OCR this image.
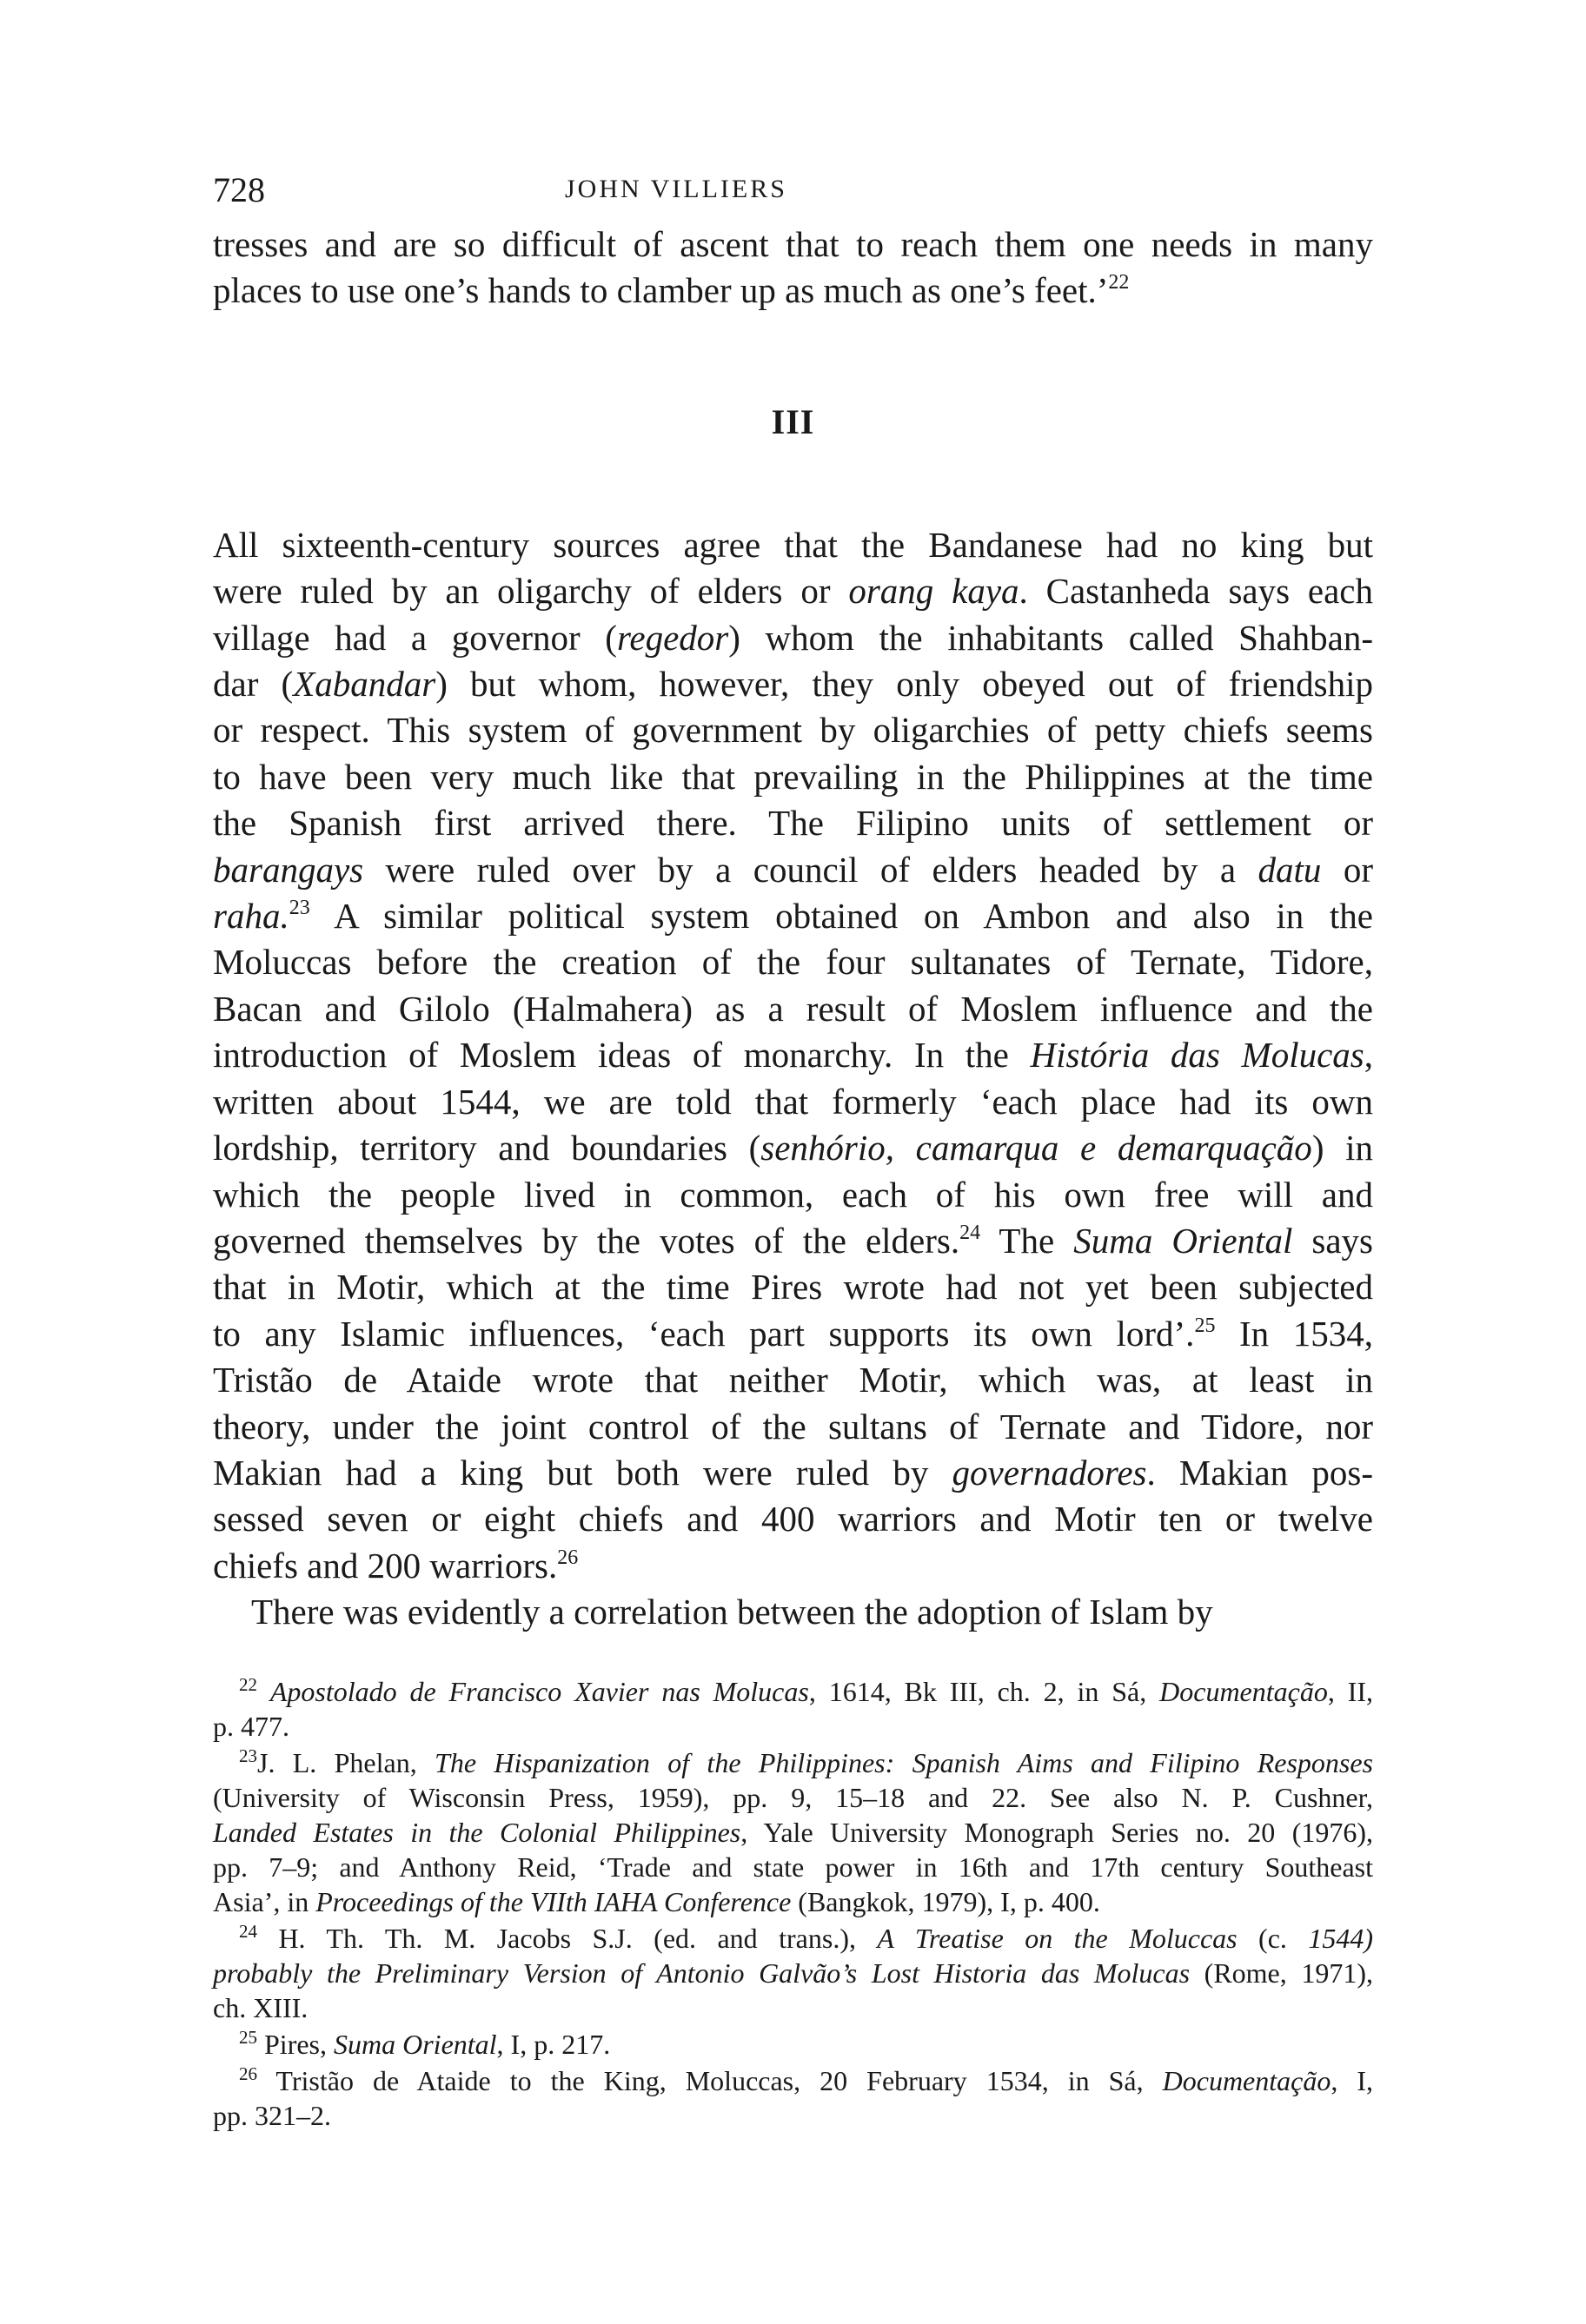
728	JOHN VILLIERS
tresses and are so difficult of ascent that to reach them one needs in many
places to use one’s hands to clamber up as much as one’s feet.’$^{22}$
III
All sixteenth-century sources agree that the Bandanese had no king but
were ruled by an oligarchy of elders or orang kaya. Castanheda says each
village had a governor (regedor) whom the inhabitants called Shahban-
dar (Xabandar) but whom, however, they only obeyed out of friendship
or respect. This system of government by oligarchies of petty chiefs seems
to have been very much like that prevailing in the Philippines at the time
the Spanish first arrived there. The Filipino units of settlement or
barangays were ruled over by a council of elders headed by a datu or
raha.$^{23}$ A similar political system obtained on Ambon and also in the
Moluccas before the creation of the four sultanates of Ternate, Tidore,
Bacan and Gilolo (Halmahera) as a result of Moslem influence and the
introduction of Moslem ideas of monarchy. In the História das Molucas,
written about 1544, we are told that formerly ‘each place had its own
lordship, territory and boundaries (senhório, camarqua e demarquação) in
which the people lived in common, each of his own free will and
governed themselves by the votes of the elders.$^{24}$ The Suma Oriental says
that in Motir, which at the time Pires wrote had not yet been subjected
to any Islamic influences, ‘each part supports its own lord’.$^{25}$ In 1534,
Tristão de Ataide wrote that neither Motir, which was, at least in
theory, under the joint control of the sultans of Ternate and Tidore, nor
Makian had a king but both were ruled by governadores. Makian pos-
sessed seven or eight chiefs and 400 warriors and Motir ten or twelve
chiefs and 200 warriors.$^{26}$
There was evidently a correlation between the adoption of Islam by
$^{22}$ Apostolado de Francisco Xavier nas Molucas, 1614, Bk III, ch. 2, in Sá, Documentação, II,
p. 477.
$^{23}$J. L. Phelan, The Hispanization of the Philippines: Spanish Aims and Filipino Responses
(University of Wisconsin Press, 1959), pp. 9, 15–18 and 22. See also N. P. Cushner,
Landed Estates in the Colonial Philippines, Yale University Monograph Series no. 20 (1976),
pp. 7–9; and Anthony Reid, ‘Trade and state power in 16th and 17th century Southeast
Asia’, in Proceedings of the VIIth IAHA Conference (Bangkok, 1979), I, p. 400.
$^{24}$ H. Th. Th. M. Jacobs S.J. (ed. and trans.), A Treatise on the Moluccas (c. 1544)
probably the Preliminary Version of Antonio Galvão’s Lost Historia das Molucas (Rome, 1971),
ch. XIII.
$^{25}$ Pires, Suma Oriental, I, p. 217.
$^{26}$ Tristão de Ataide to the King, Moluccas, 20 February 1534, in Sá, Documentação, I,
pp. 321–2.
